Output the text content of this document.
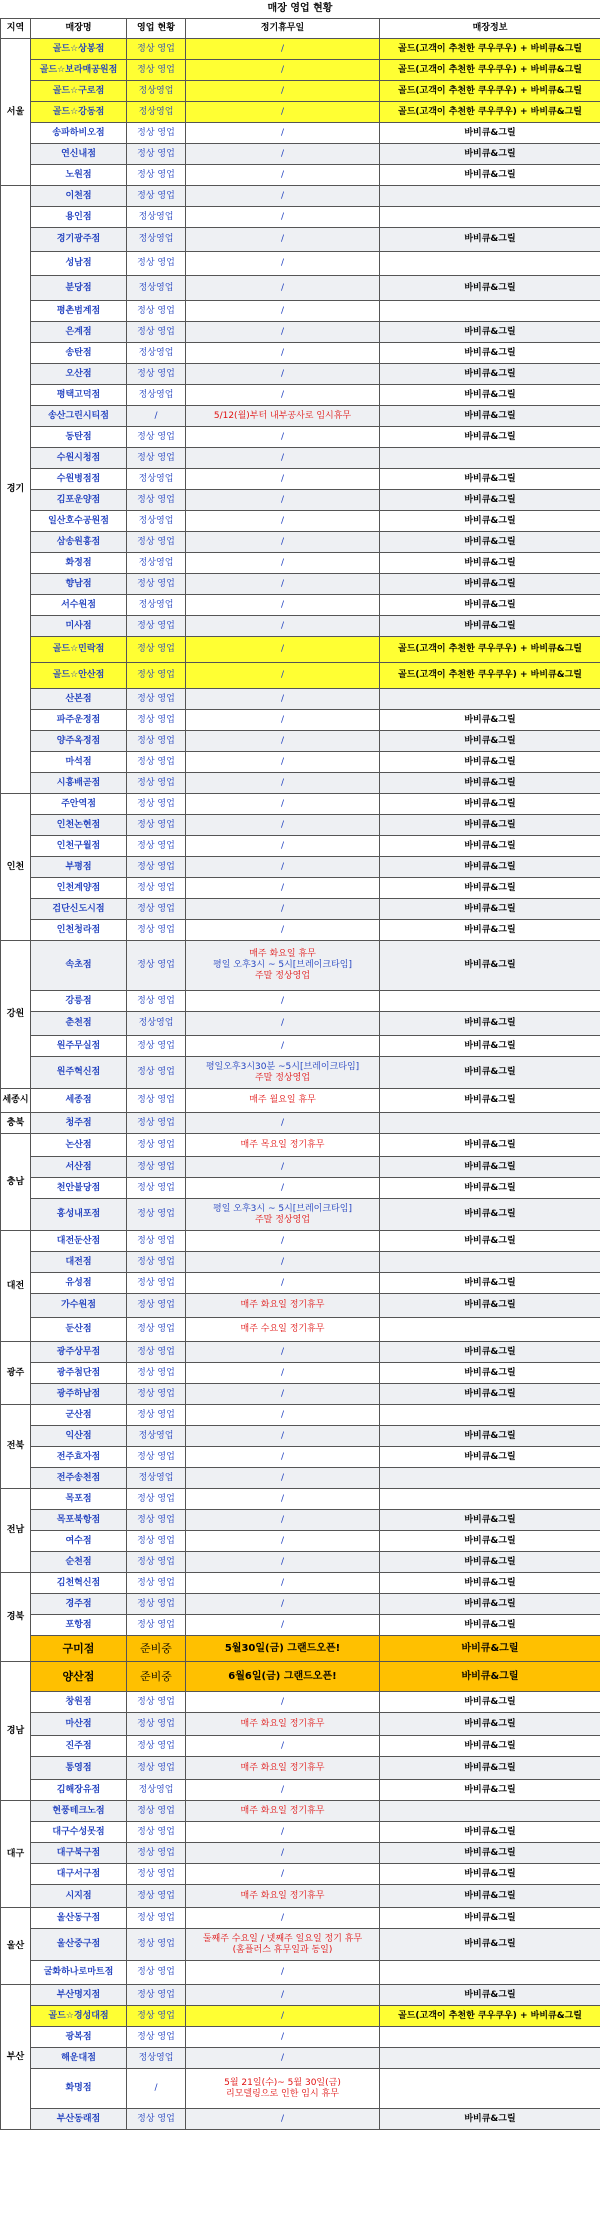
매장 영업 현황
지역	매장명	영업 현황	정기휴무일	매장정보
서울	골드☆상봉점	정상 영업	/	골드(고객이 추천한 쿠우쿠우) + 바비큐&그릴
	골드☆보라매공원점	정상 영업	/	골드(고객이 추천한 쿠우쿠우) + 바비큐&그릴
	골드☆구로점	정상영업	/	골드(고객이 추천한 쿠우쿠우) + 바비큐&그릴
	골드☆강동점	정상영업	/	골드(고객이 추천한 쿠우쿠우) + 바비큐&그릴
	송파하비오점	정상 영업	/	바비큐&그릴
	연신내점	정상 영업	/	바비큐&그릴
	노원점	정상 영업	/	바비큐&그릴
경기	이천점	정상 영업	/	
	용인점	정상영업	/	
	경기광주점	정상영업	/	바비큐&그릴
	성남점	정상 영업	/	
	분당점	정상영업	/	바비큐&그릴
	평촌범계점	정상 영업	/	
	은계점	정상 영업	/	바비큐&그릴
	송탄점	정상영업	/	바비큐&그릴
	오산점	정상 영업	/	바비큐&그릴
	평택고덕점	정상영업	/	바비큐&그릴
	송산그린시티점	/	5/12(월)부터 내부공사로 임시휴무	바비큐&그릴
	동탄점	정상 영업	/	바비큐&그릴
	수원시청점	정상 영업	/	
	수원병점점	정상영업	/	바비큐&그릴
	김포운양점	정상 영업	/	바비큐&그릴
	일산호수공원점	정상영업	/	바비큐&그릴
	삼송원흥점	정상 영업	/	바비큐&그릴
	화정점	정상영업	/	바비큐&그릴
	향남점	정상 영업	/	바비큐&그릴
	서수원점	정상영업	/	바비큐&그릴
	미사점	정상 영업	/	바비큐&그릴
	골드☆민락점	정상 영업	/	골드(고객이 추천한 쿠우쿠우) + 바비큐&그릴
	골드☆안산점	정상 영업	/	골드(고객이 추천한 쿠우쿠우) + 바비큐&그릴
	산본점	정상 영업	/	
	파주운정점	정상 영업	/	바비큐&그릴
	양주옥정점	정상 영업	/	바비큐&그릴
	마석점	정상 영업	/	바비큐&그릴
	시흥배곧점	정상 영업	/	바비큐&그릴
인천	주안역점	정상 영업	/	바비큐&그릴
	인천논현점	정상 영업	/	바비큐&그릴
	인천구월점	정상 영업	/	바비큐&그릴
	부평점	정상 영업	/	바비큐&그릴
	인천계양점	정상 영업	/	바비큐&그릴
	검단신도시점	정상 영업	/	바비큐&그릴
	인천청라점	정상 영업	/	바비큐&그릴
강원	속초점	정상 영업	매주 화요일 휴무
평일 오후3시 ~ 5시[브레이크타임]
주말 정상영업	바비큐&그릴
	강릉점	정상 영업	/	
	춘천점	정상영업	/	바비큐&그릴
	원주무실점	정상 영업	/	바비큐&그릴
	원주혁신점	정상 영업	평일오후3시30분 ~5시[브레이크타임]
주말 정상영업	바비큐&그릴
세종시	세종점	정상 영업	매주 월요일 휴무	바비큐&그릴
충북	청주점	정상 영업	/	
충남	논산점	정상 영업	매주 목요일 정기휴무	바비큐&그릴
	서산점	정상 영업	/	바비큐&그릴
	천안불당점	정상 영업	/	바비큐&그릴
	홍성내포점	정상 영업	평일 오후3시 ~ 5시[브레이크타임]
주말 정상영업	바비큐&그릴
대전	대전둔산점	정상 영업	/	바비큐&그릴
	대전점	정상 영업	/	
	유성점	정상 영업	/	바비큐&그릴
	가수원점	정상 영업	매주 화요일 정기휴무	바비큐&그릴
	둔산점	정상 영업	매주 수요일 정기휴무	
광주	광주상무점	정상 영업	/	바비큐&그릴
	광주첨단점	정상 영업	/	바비큐&그릴
	광주하남점	정상 영업	/	바비큐&그릴
전북	군산점	정상 영업	/	
	익산점	정상영업	/	바비큐&그릴
	전주효자점	정상 영업	/	바비큐&그릴
	전주송천점	정상영업	/	
전남	목포점	정상 영업	/	
	목포북항점	정상 영업	/	바비큐&그릴
	여수점	정상 영업	/	바비큐&그릴
	순천점	정상 영업	/	바비큐&그릴
경북	김천혁신점	정상 영업	/	바비큐&그릴
	경주점	정상 영업	/	바비큐&그릴
	포항점	정상 영업	/	바비큐&그릴
	구미점	준비중	5월30일(금) 그랜드오픈!	바비큐&그릴
경남	양산점	준비중	6월6일(금) 그랜드오픈!	바비큐&그릴
	창원점	정상 영업	/	바비큐&그릴
	마산점	정상 영업	매주 화요일 정기휴무	바비큐&그릴
	진주점	정상 영업	/	바비큐&그릴
	통영점	정상 영업	매주 화요일 정기휴무	바비큐&그릴
	김해장유점	정상영업	/	바비큐&그릴
대구	현풍테크노점	정상 영업	매주 화요일 정기휴무	
	대구수성못점	정상 영업	/	바비큐&그릴
	대구북구점	정상 영업	/	바비큐&그릴
	대구서구점	정상 영업	/	바비큐&그릴
	시지점	정상 영업	매주 화요일 정기휴무	바비큐&그릴
울산	울산동구점	정상 영업	/	바비큐&그릴
	울산중구점	정상 영업	둘째주 수요일 / 넷째주 일요일 정기 휴무
(홈플러스 휴무일과 동일)	바비큐&그릴
	굴화하나로마트점	정상 영업	/	
부산	부산명지점	정상 영업	/	바비큐&그릴
	골드☆경성대점	정상 영업	/	골드(고객이 추천한 쿠우쿠우) + 바비큐&그릴
	광복점	정상 영업	/	
	해운대점	정상영업	/	
	화명점	/	5월 21일(수)~ 5월 30일(금)
리모델링으로 인한 임시 휴무	

	부산동래점	정상 영업	/	바비큐&그릴
